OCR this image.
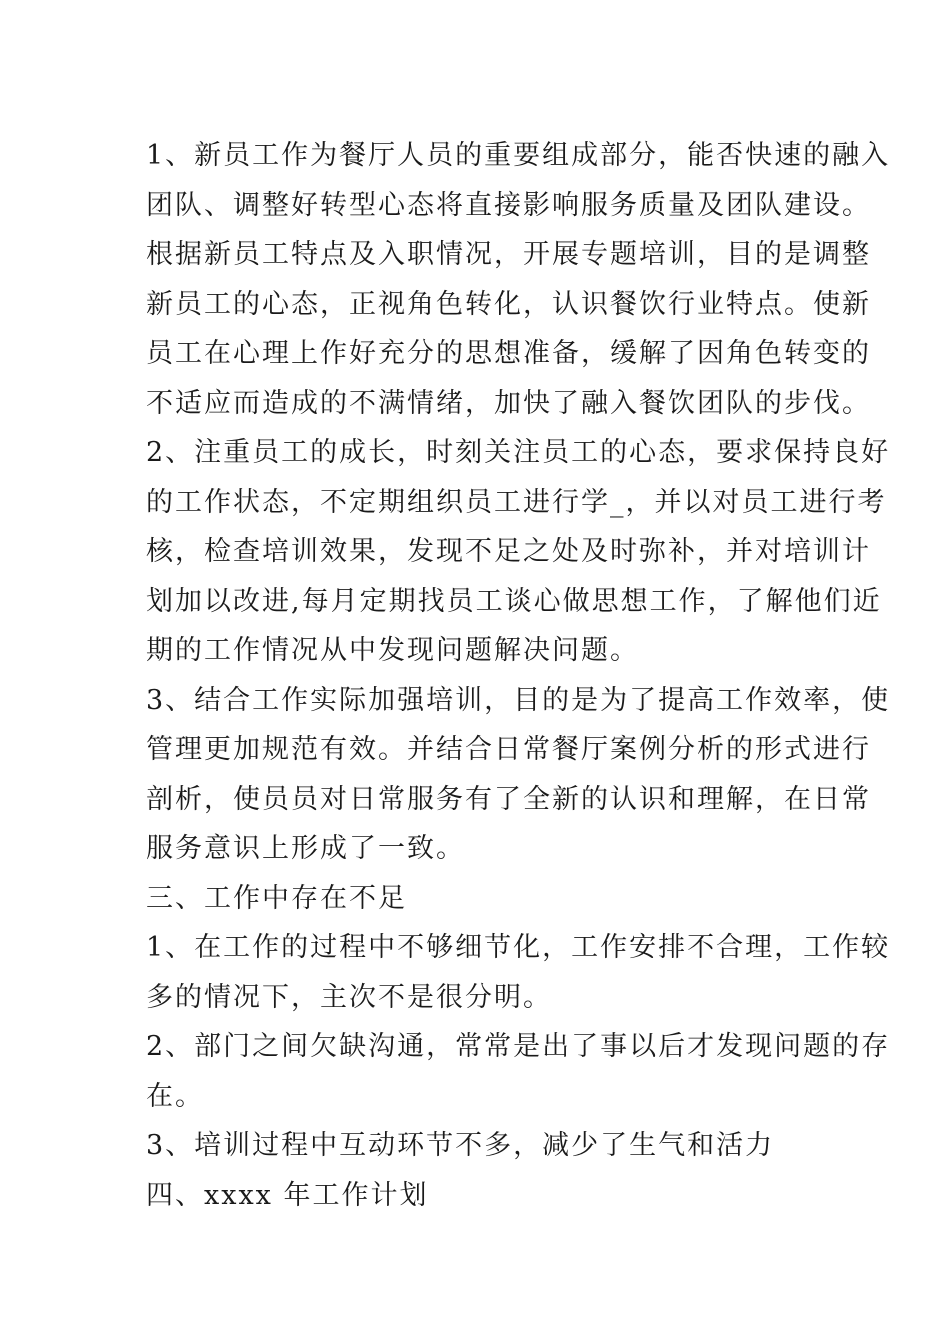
1、新员工作为餐厅人员的重要组成部分，能否快速的融入
团队、调整好转型心态将直接影响服务质量及团队建设。
根据新员工特点及入职情况，开展专题培训，目的是调整
新员工的心态，正视角色转化，认识餐饮行业特点。使新
员工在心理上作好充分的思想准备，缓解了因角色转变的
不适应而造成的不满情绪，加快了融入餐饮团队的步伐。
2、注重员工的成长，时刻关注员工的心态，要求保持良好
的工作状态，不定期组织员工进行学_，并以对员工进行考
核，检查培训效果，发现不足之处及时弥补，并对培训计
划加以改进,每月定期找员工谈心做思想工作，了解他们近
期的工作情况从中发现问题解决问题。
3、结合工作实际加强培训，目的是为了提高工作效率，使
管理更加规范有效。并结合日常餐厅案例分析的形式进行
剖析，使员员对日常服务有了全新的认识和理解，在日常
服务意识上形成了一致。
三、工作中存在不足
1、在工作的过程中不够细节化，工作安排不合理，工作较
多的情况下，主次不是很分明。
2、部门之间欠缺沟通，常常是出了事以后才发现问题的存
在。
3、培训过程中互动环节不多，减少了生气和活力
四、xxxx 年工作计划
